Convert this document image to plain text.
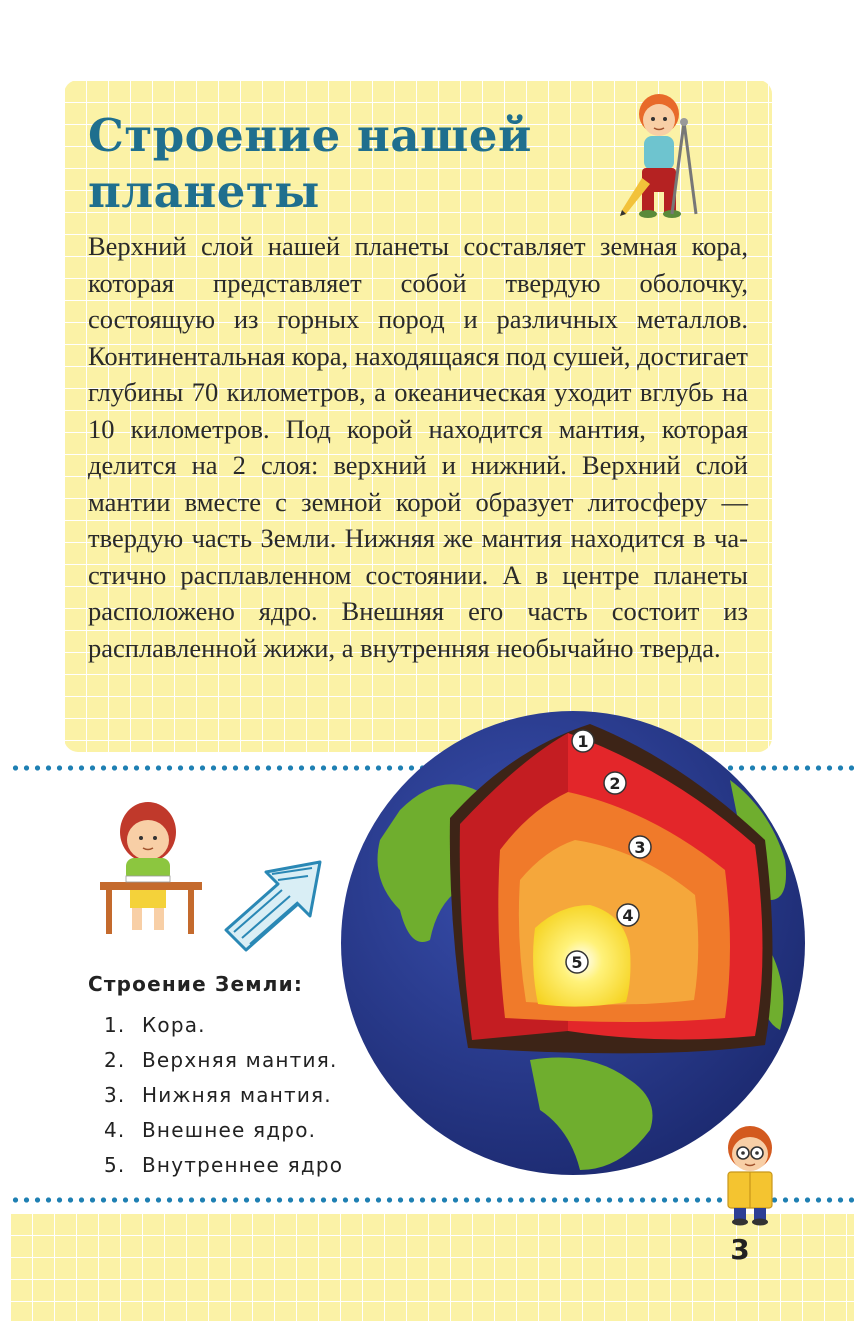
Строение нашей
планеты

Верхний слой нашей планеты составляет земная кора, которая представляет собой твердую оболочку, состоящую из горных пород и различных металлов. Континентальная кора, находящаяся под сушей, достигает глубины 70 километров, а океаническая уходит вглубь на 10 километров. Под корой находится мантия, которая делится на 2 слоя: верхний и нижний. Верхний слой мантии вместе с земной корой образует литосферу — твердую часть Земли. Нижняя же мантия находится в частично расплавленном состоянии. А в центре планеты расположено ядро. Внешняя его часть состоит из расплавленной жижи, а внутренняя необычайно тверда.

1
2
3
4
5
Строение Земли:
1. Кора.
2. Верхняя мантия.
3. Нижняя мантия.
4. Внешнее ядро.
5. Внутреннее ядро
3
